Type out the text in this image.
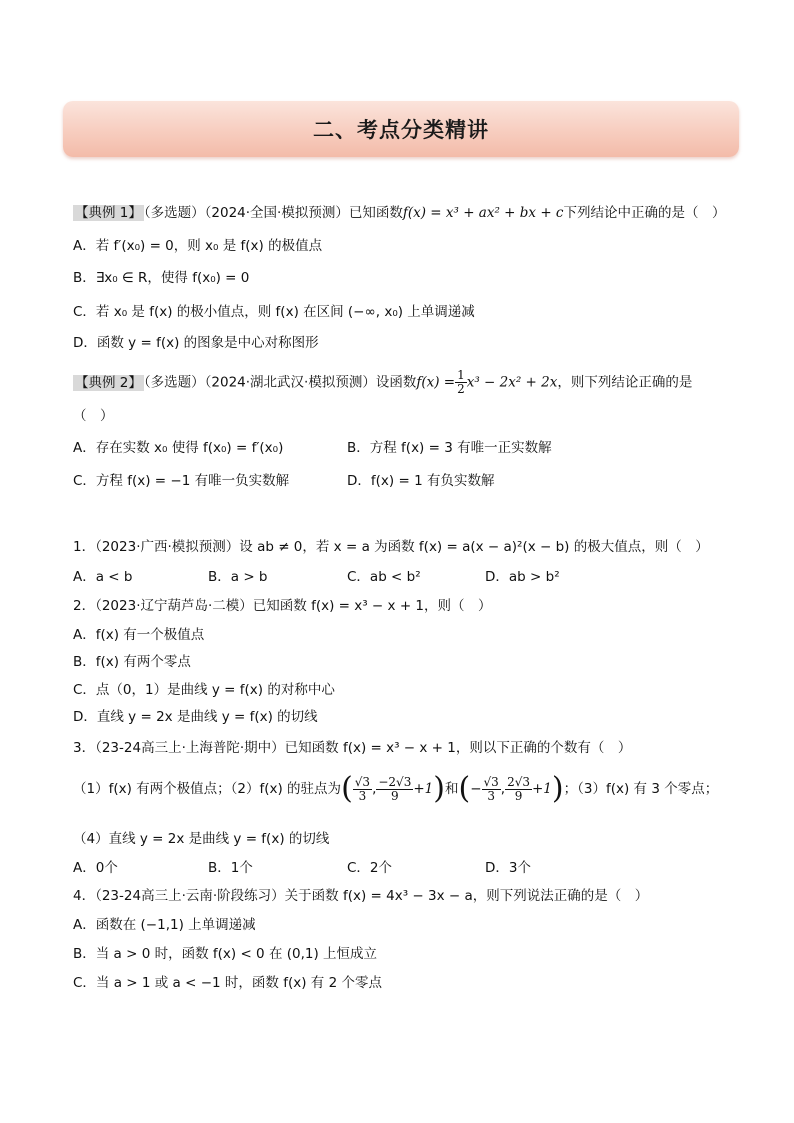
二、考点分类精讲
【典例 1】 （多选题）（2024·全国·模拟预测）已知函数f(x) = x³ + ax² + bx + c下列结论中正确的是（　）
A．若 f′(x₀) = 0，则 x₀ 是 f(x) 的极值点
B．∃x₀ ∈ R，使得 f(x₀) = 0
C．若 x₀ 是 f(x) 的极小值点，则 f(x) 在区间 (−∞, x₀) 上单调递减
D．函数 y = f(x) 的图象是中心对称图形
【典例 2】 （多选题）（2024·湖北武汉·模拟预测）设函数$f(x) = \frac{1}{2} x^3 - 2x^2 + 2x$，则下列结论正确的是
（　）
A．存在实数 x₀ 使得 f(x₀) = f′(x₀)	B．方程 f(x) = 3 有唯一正实数解
C．方程 f(x) = −1 有唯一负实数解	D．f(x) = 1 有负实数解
1．（2023·广西·模拟预测）设 ab ≠ 0，若 x = a 为函数 f(x) = a(x − a)²(x − b) 的极大值点，则（　）
A．a < b	B．a > b	C．ab < b²	D．ab > b²
2．（2023·辽宁葫芦岛·二模）已知函数 f(x) = x³ − x + 1，则（　）
A．f(x) 有一个极值点
B．f(x) 有两个零点
C．点（0，1）是曲线 y = f(x) 的对称中心
D．直线 y = 2x 是曲线 y = f(x) 的切线
3．（23-24高三上·上海普陀·期中）已知函数 f(x) = x³ − x + 1，则以下正确的个数有（　）
（1）f(x) 有两个极值点；（2）f(x) 的驻点为( $\frac{√3}{3}$ , $\frac{-2√3}{9} +1$)和(− $\frac{√3}{3}$ , $\frac{2√3}{9} +1$)；（3）f(x) 有 3 个零点；
（4）直线 y = 2x 是曲线 y = f(x) 的切线
A．0个	B．1个	C．2个	D．3个
4．（23-24高三上·云南·阶段练习）关于函数 f(x) = 4x³ − 3x − a，则下列说法正确的是（　）
A．函数在 (−1,1) 上单调递减
B．当 a > 0 时，函数 f(x) < 0 在 (0,1) 上恒成立
C．当 a > 1 或 a < −1 时，函数 f(x) 有 2 个零点
